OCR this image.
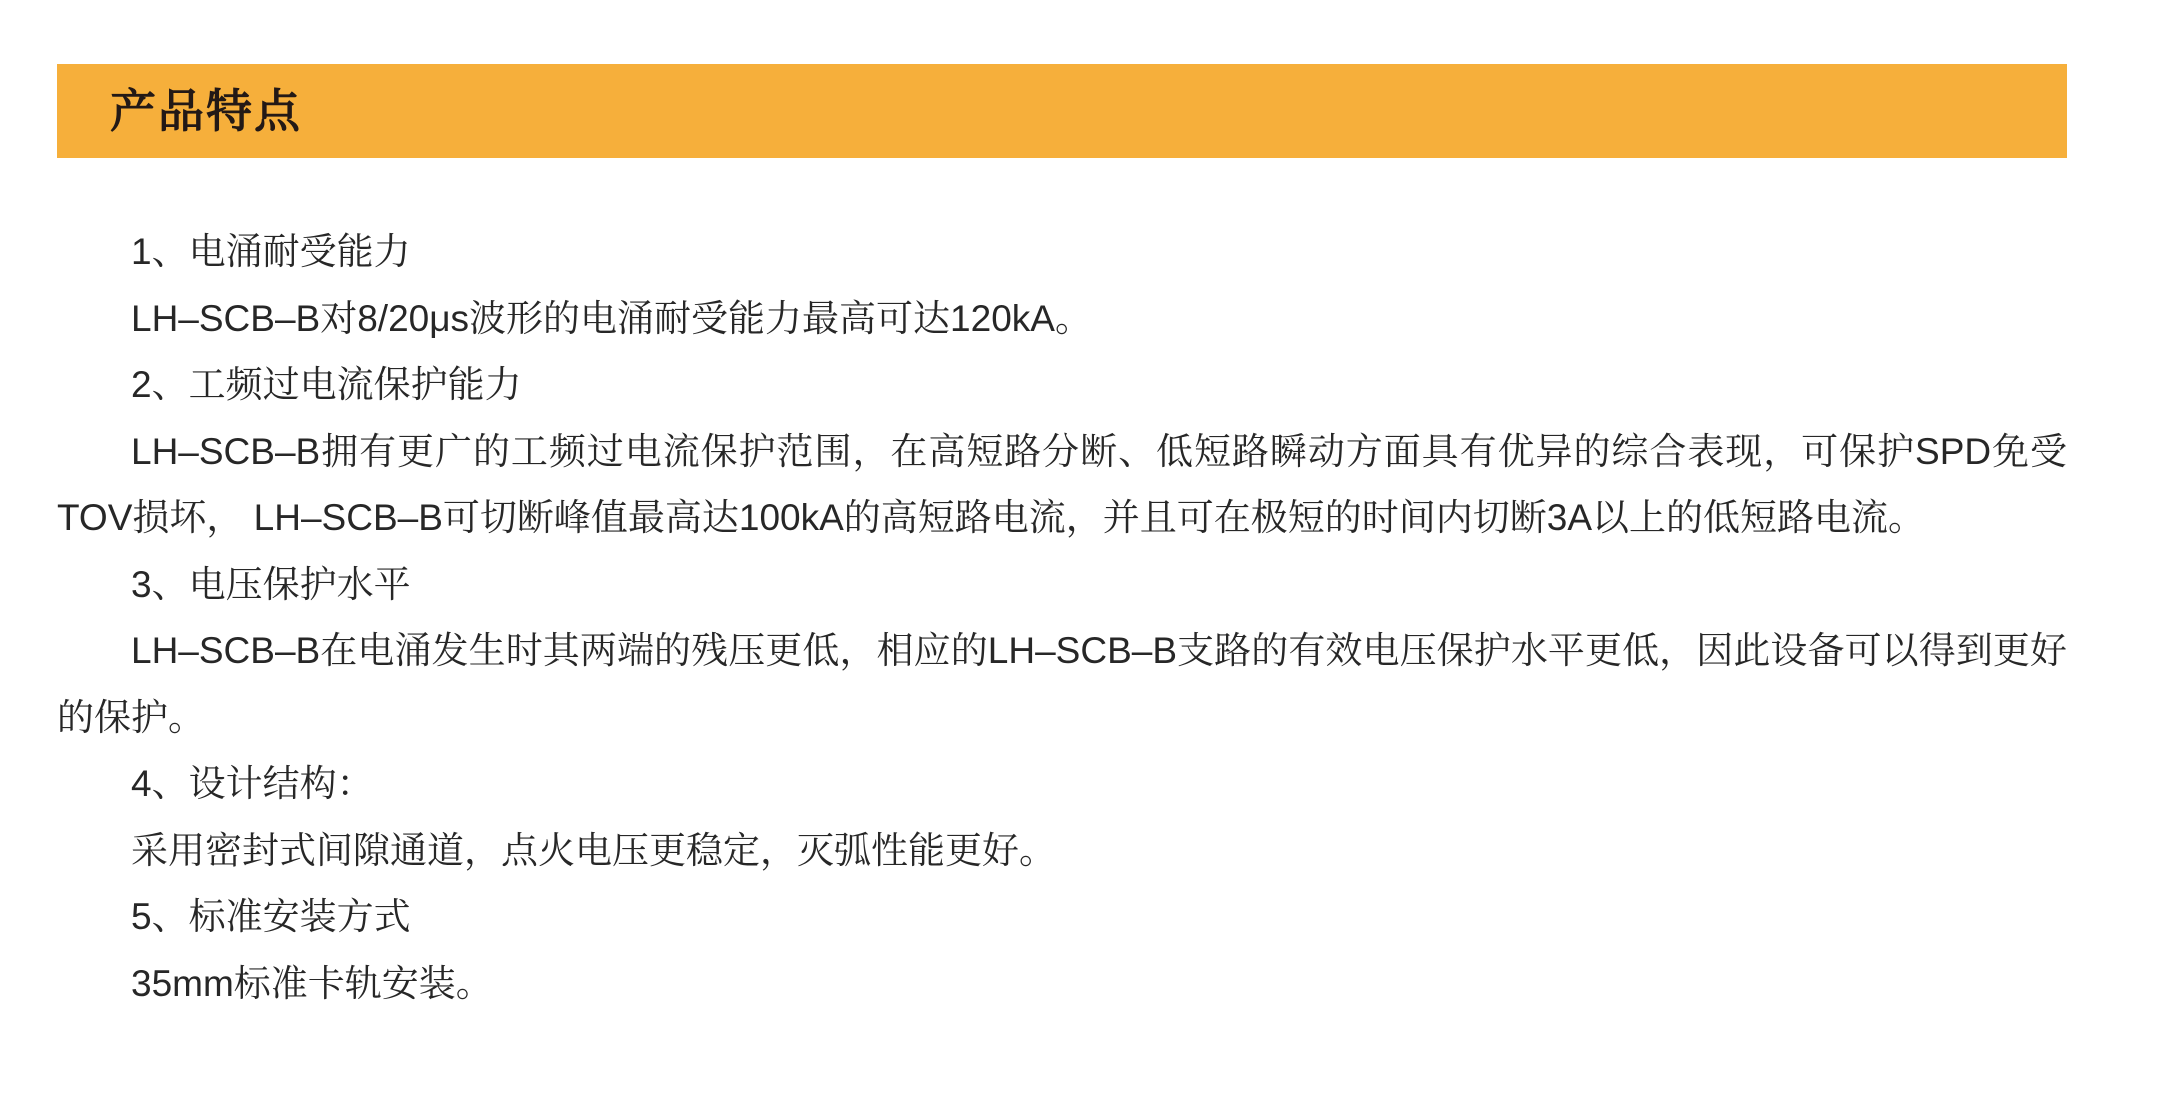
产品特点

1、电涌耐受能力

LH–SCB–B对8/20μs波形的电涌耐受能力最高可达120kA。

2、工频过电流保护能力

LH–SCB–B拥有更广的工频过电流保护范围，在高短路分断、低短路瞬动方面具有优异的综合表现，可保护SPD免受TOV损坏， LH–SCB–B可切断峰值最高达100kA的高短路电流，并且可在极短的时间内切断3A以上的低短路电流。

3、电压保护水平

LH–SCB–B在电涌发生时其两端的残压更低，相应的LH–SCB–B支路的有效电压保护水平更低，因此设备可以得到更好的保护。

4、设计结构：

采用密封式间隙通道，点火电压更稳定，灭弧性能更好。

5、标准安装方式

35mm标准卡轨安装。
